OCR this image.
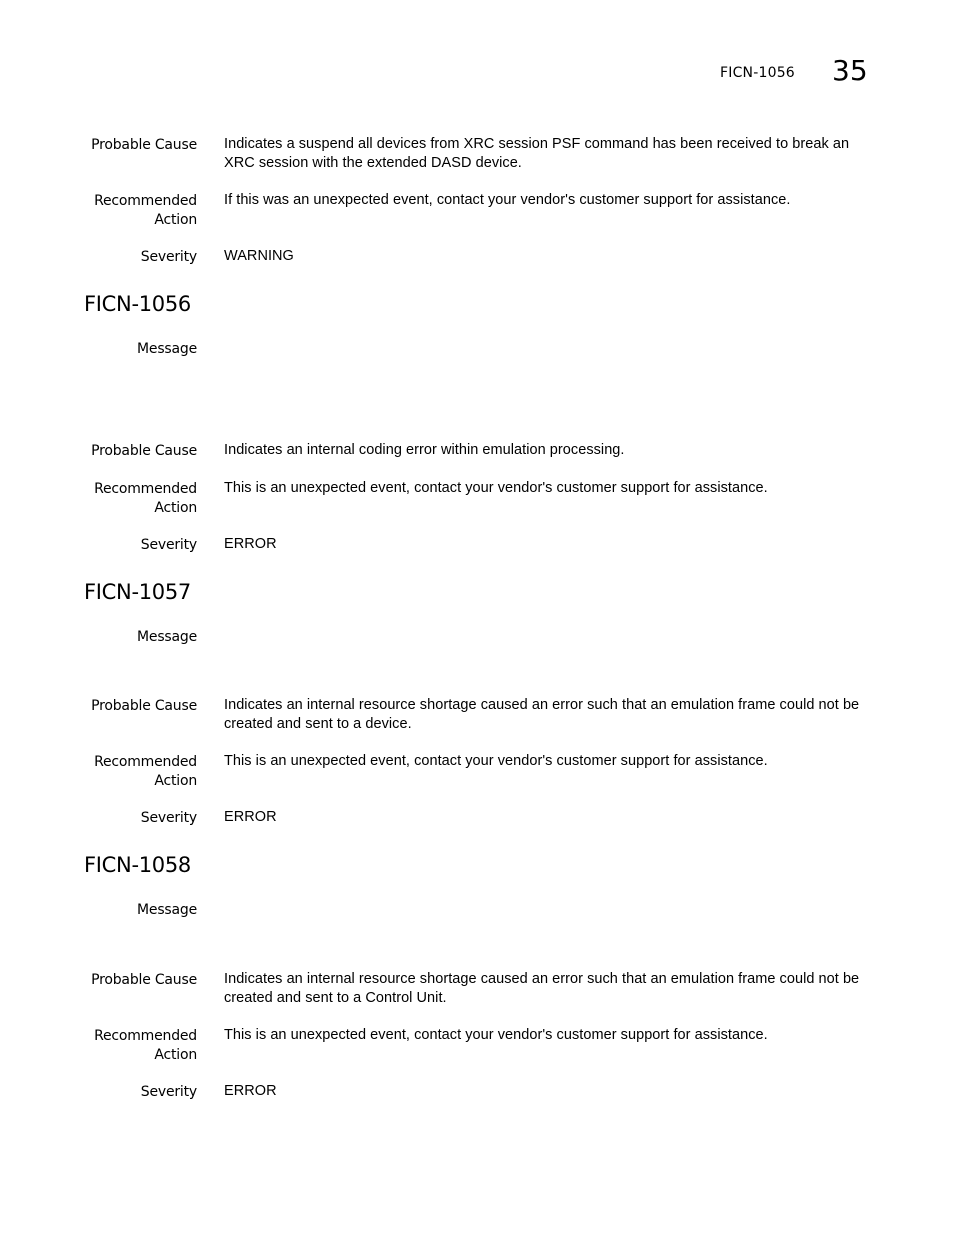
FICN-1056 35
Probable Cause Indicates a suspend all devices from XRC session PSF command has been received to break an
XRC session with the extended DASD device.
Recommended
Action
If this was an unexpected event, contact your vendor's customer support for assistance.
Severity WARNING
FICN-1056
Message
Probable Cause Indicates an internal coding error within emulation processing.
Recommended
Action
This is an unexpected event, contact your vendor's customer support for assistance.
Severity ERROR
FICN-1057
Message
Probable Cause Indicates an internal resource shortage caused an error such that an emulation frame could not be
created and sent to a device.
Recommended
Action
This is an unexpected event, contact your vendor's customer support for assistance.
Severity ERROR
FICN-1058
Message
Probable Cause Indicates an internal resource shortage caused an error such that an emulation frame could not be
created and sent to a Control Unit.
Recommended
Action
This is an unexpected event, contact your vendor's customer support for assistance.
Severity ERROR
